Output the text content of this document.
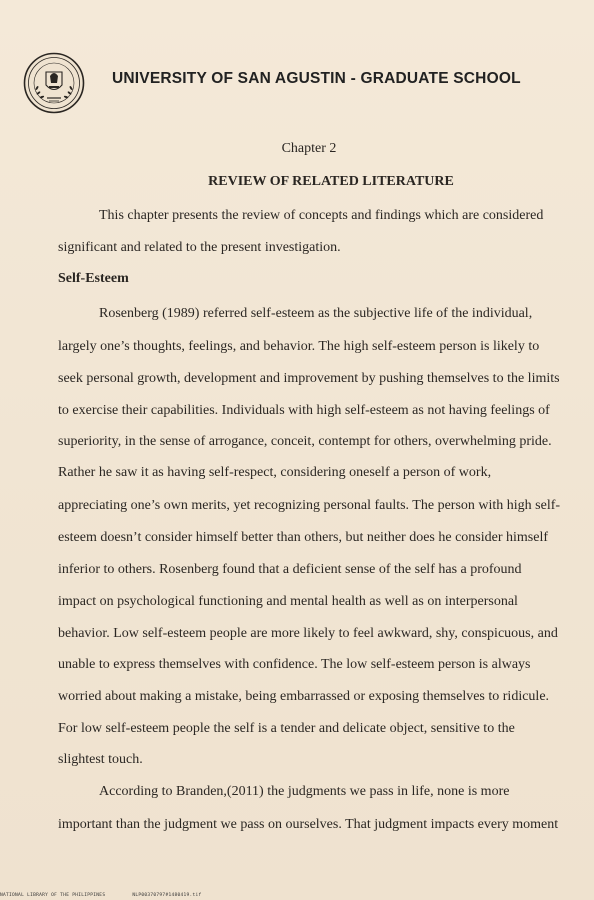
UNIVERSITY OF SAN AGUSTIN - GRADUATE SCHOOL
Chapter 2
REVIEW OF RELATED LITERATURE
This chapter presents the review of concepts and findings which are considered
significant and related to the present investigation.
Self-Esteem
Rosenberg (1989) referred self-esteem as the subjective life of the individual,
largely one’s thoughts, feelings, and behavior. The high self-esteem person is likely to
seek personal growth, development and improvement by pushing themselves to the limits
to exercise their capabilities. Individuals with high self-esteem as not having feelings of
superiority, in the sense of arrogance, conceit, contempt for others, overwhelming pride.
Rather he saw it as having self-respect, considering oneself a person of work,
appreciating one’s own merits, yet recognizing personal faults. The person with high self-
esteem doesn’t consider himself better than others, but neither does he consider himself
inferior to others. Rosenberg found that a deficient sense of the self has a profound
impact on psychological functioning and mental health as well as on interpersonal
behavior. Low self-esteem people are more likely to feel awkward, shy, conspicuous, and
unable to express themselves with confidence. The low self-esteem person is always
worried about making a mistake, being embarrassed or exposing themselves to ridicule.
For low self-esteem people the self is a tender and delicate object, sensitive to the
slightest touch.
According to Branden,(2011) the judgments we pass in life, none is more
important than the judgment we pass on ourselves. That judgment impacts every moment
NATIONAL LIBRARY OF THE PHILIPPINES	NLP00370797#1480419.tif
